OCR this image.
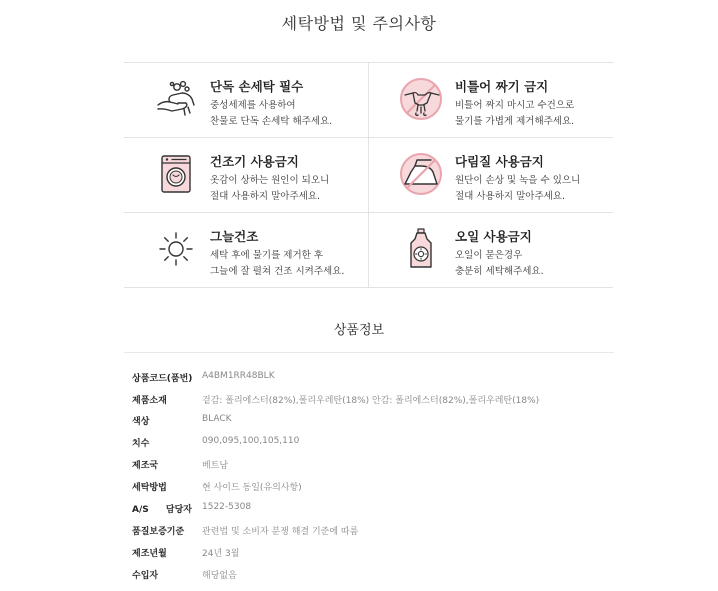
세탁방법 및 주의사항
단독 손세탁 필수
중성세제를 사용하여
찬물로 단독 손세탁 해주세요.
비틀어 짜기 금지
비틀어 짜지 마시고 수건으로
물기를 가볍게 제거해주세요.
건조기 사용금지
옷감이 상하는 원인이 되오니
절대 사용하지 말아주세요.
다림질 사용금지
원단이 손상 및 녹을 수 있으니
절대 사용하지 말아주세요.
그늘건조
세탁 후에 물기를 제거한 후
그늘에 잘 펼쳐 건조 시켜주세요.
오일 사용금지
오일이 묻은경우
충분히 세탁해주세요.
상품정보
상품코드(품번) A4BM1RR48BLK
제품소재	겉감: 폴리에스터(82%),폴리우레탄(18%) 안감: 폴리에스터(82%),폴리우레탄(18%)
색상	BLACK
치수	090,095,100,105,110
제조국	베트남
세탁방법	현 사이드 동일(유의사항)
A/S 담당자 1522-5308
품질보증기준	관련법 및 소비자 분쟁 해결 기준에 따름
제조년월	24년 3월
수입자	해당없음
